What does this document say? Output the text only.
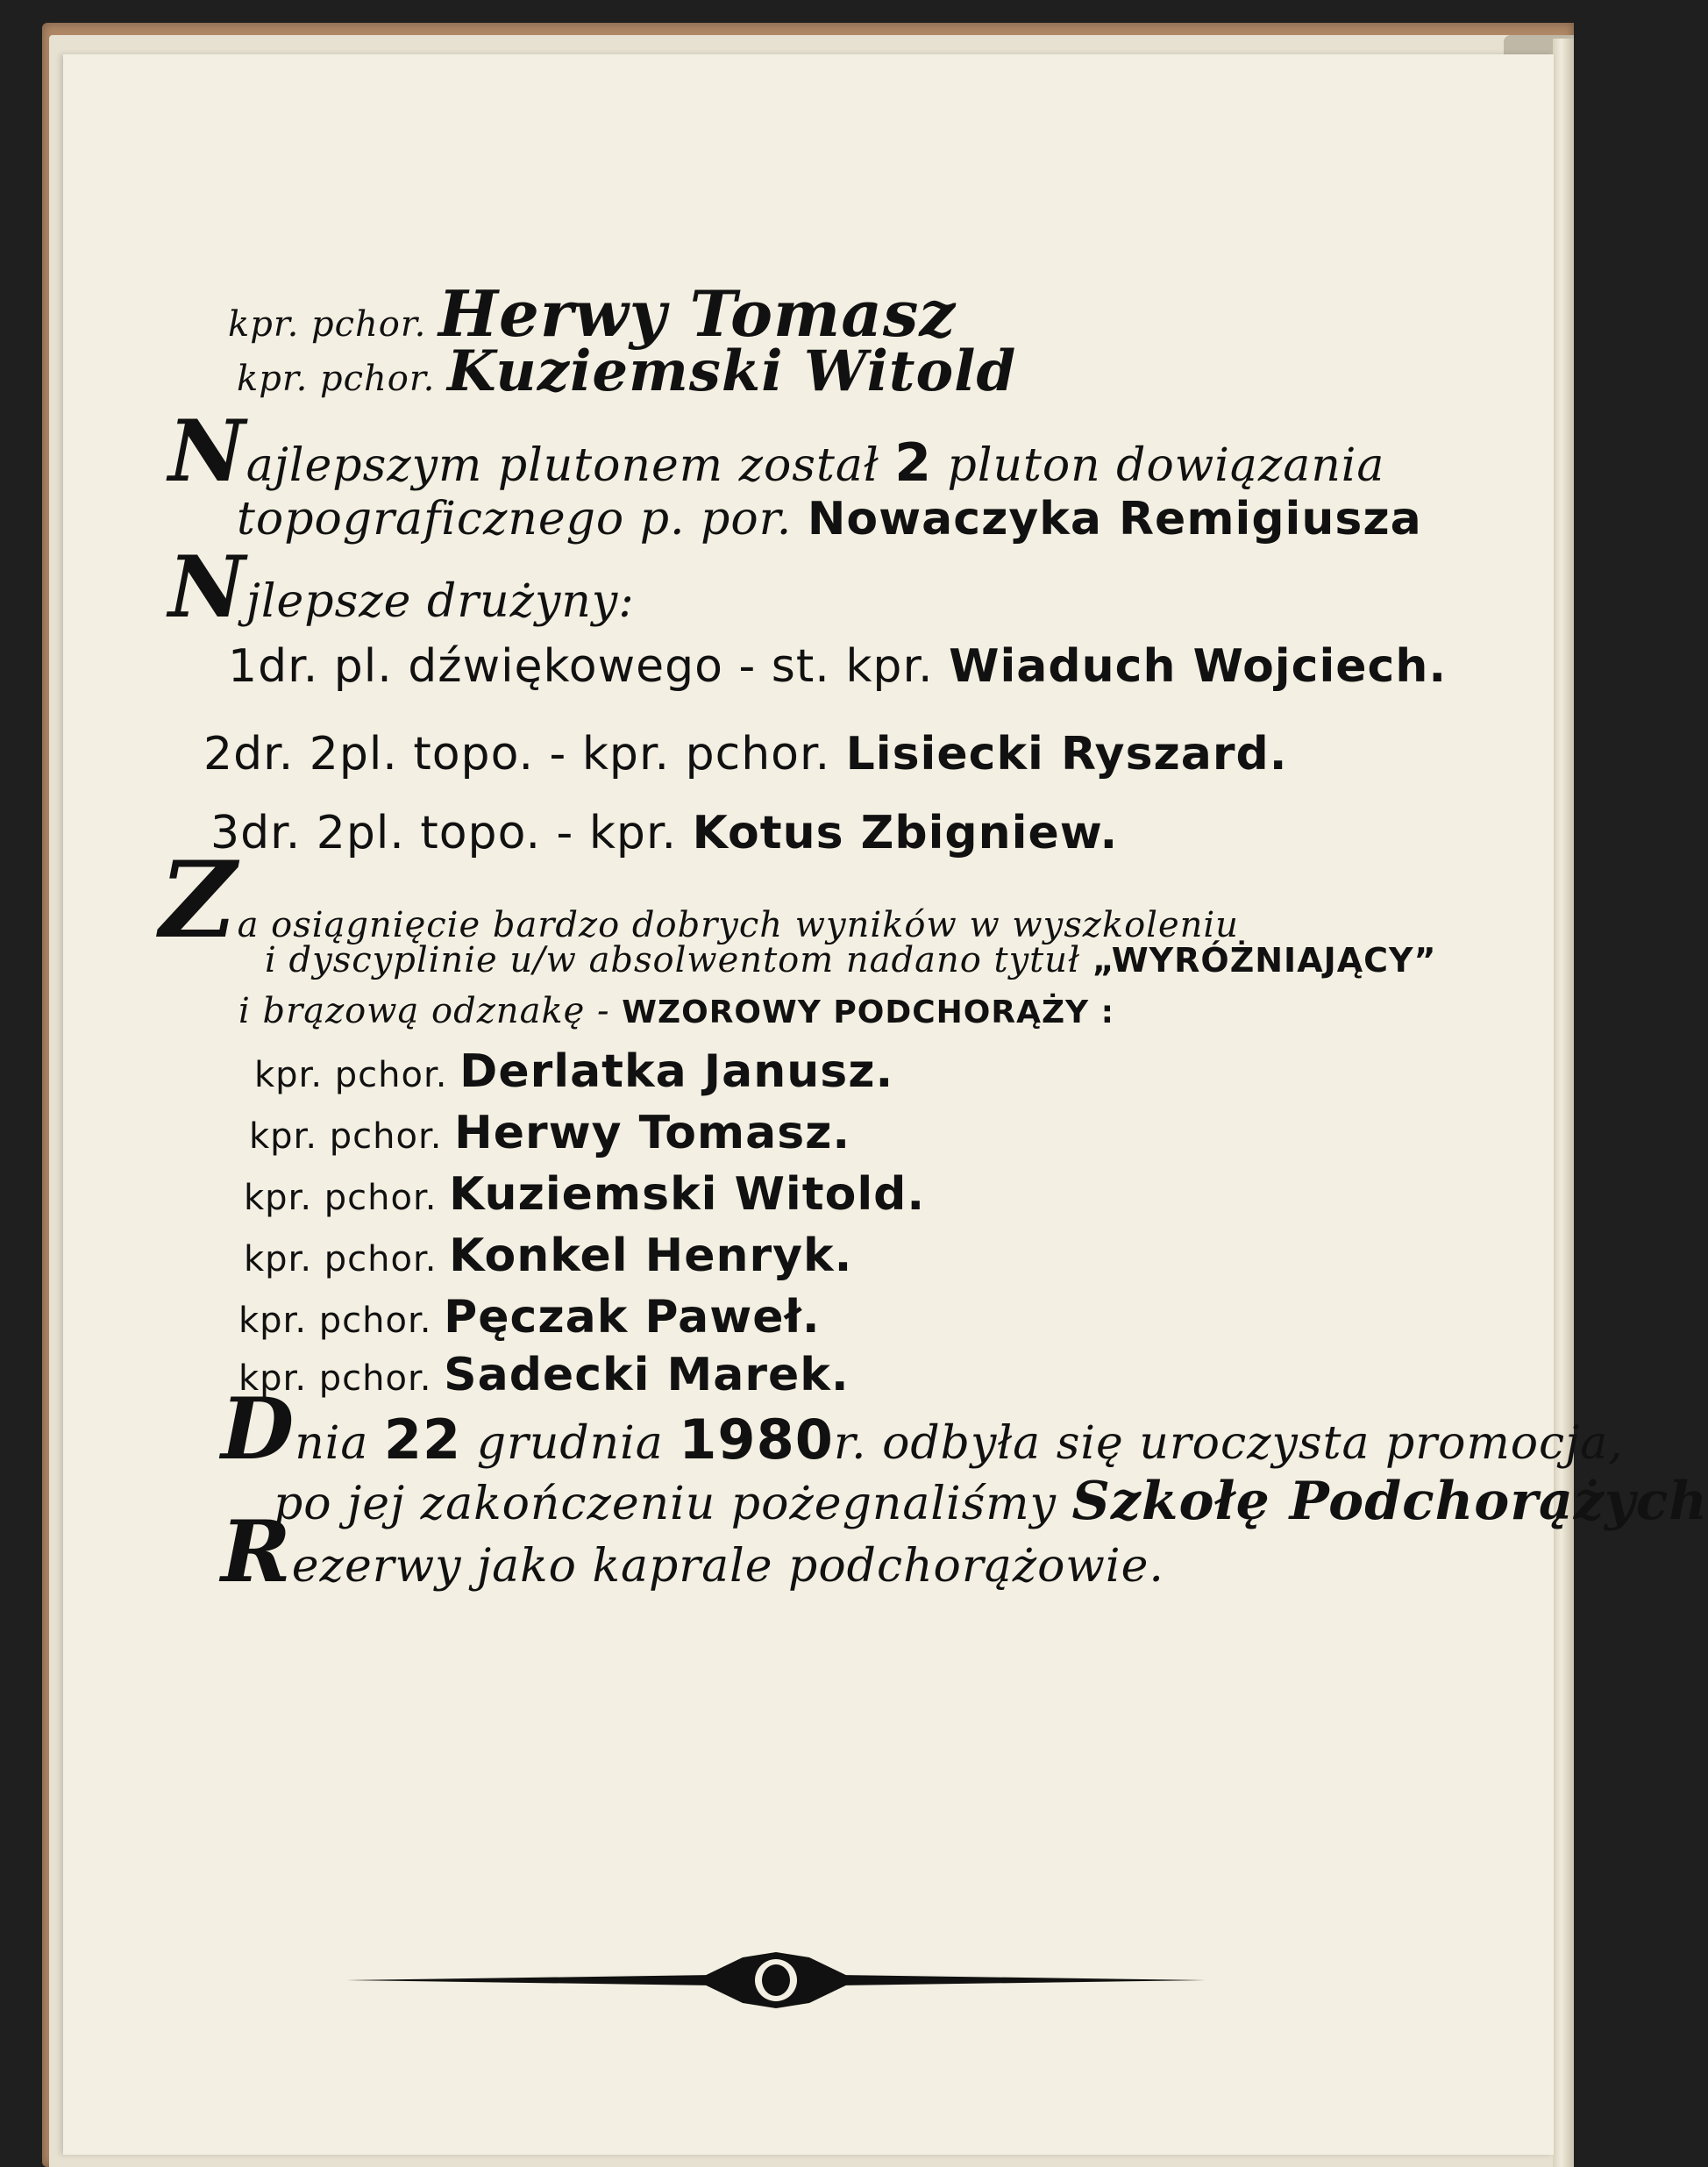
kpr. pchor. Herwy Tomasz
kpr. pchor. Kuziemski Witold
Najlepszym plutonem został 2 pluton dowiązania
topograficznego p. por. Nowaczyka Remigiusza
Njlepsze drużyny:
1dr. pl. dźwiękowego - st. kpr. Wiaduch Wojciech.
2dr. 2pl. topo. - kpr. pchor. Lisiecki Ryszard.
3dr. 2pl. topo. - kpr. Kotus Zbigniew.
Za osiągnięcie bardzo dobrych wyników w wyszkoleniu
i dyscyplinie u/w absolwentom nadano tytuł „WYRÓŻNIAJĄCY”
i brązową odznakę - WZOROWY PODCHORĄŻY :
kpr. pchor. Derlatka Janusz.
kpr. pchor. Herwy Tomasz.
kpr. pchor. Kuziemski Witold.
kpr. pchor. Konkel Henryk.
kpr. pchor. Pęczak Paweł.
kpr. pchor. Sadecki Marek.
Dnia 22 grudnia 1980r. odbyła się uroczysta promocja,
po jej zakończeniu pożegnaliśmy Szkołę Podchorążych
Rezerwy jako kaprale podchorążowie.
